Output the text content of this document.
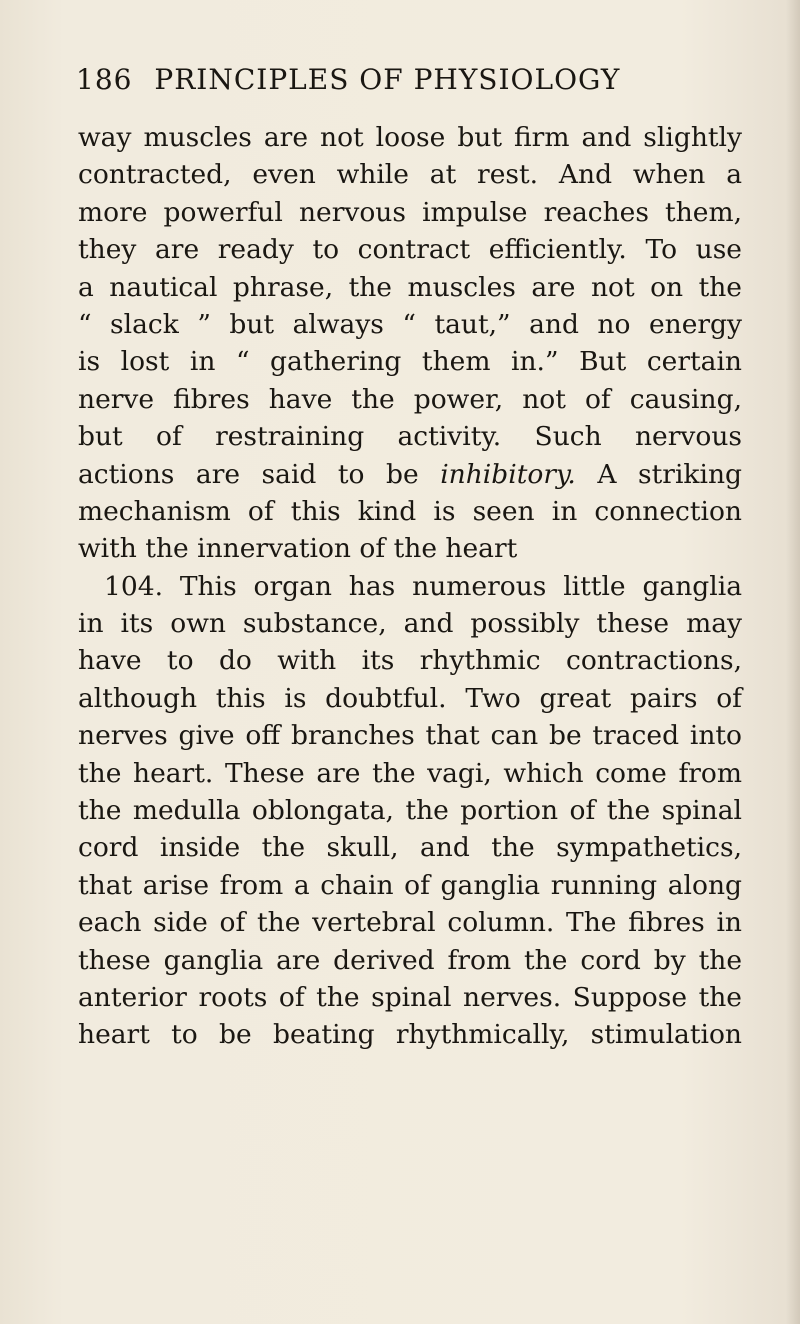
186 PRINCIPLES OF PHYSIOLOGY
way muscles are not loose but firm and slightly
contracted, even while at rest. And when a
more powerful nervous impulse reaches them,
they are ready to contract efficiently. To use
a nautical phrase, the muscles are not on the
“ slack ” but always “ taut,” and no energy
is lost in “ gathering them in.” But certain
nerve fibres have the power, not of causing,
but of restraining activity. Such nervous
actions are said to be inhibitory. A striking
mechanism of this kind is seen in connection
with the innervation of the heart
104. This organ has numerous little ganglia
in its own substance, and possibly these may
have to do with its rhythmic contractions,
although this is doubtful. Two great pairs of
nerves give off branches that can be traced into
the heart. These are the vagi, which come from
the medulla oblongata, the portion of the spinal
cord inside the skull, and the sympathetics,
that arise from a chain of ganglia running along
each side of the vertebral column. The fibres in
these ganglia are derived from the cord by the
anterior roots of the spinal nerves. Suppose the
heart to be beating rhythmically, stimulation
